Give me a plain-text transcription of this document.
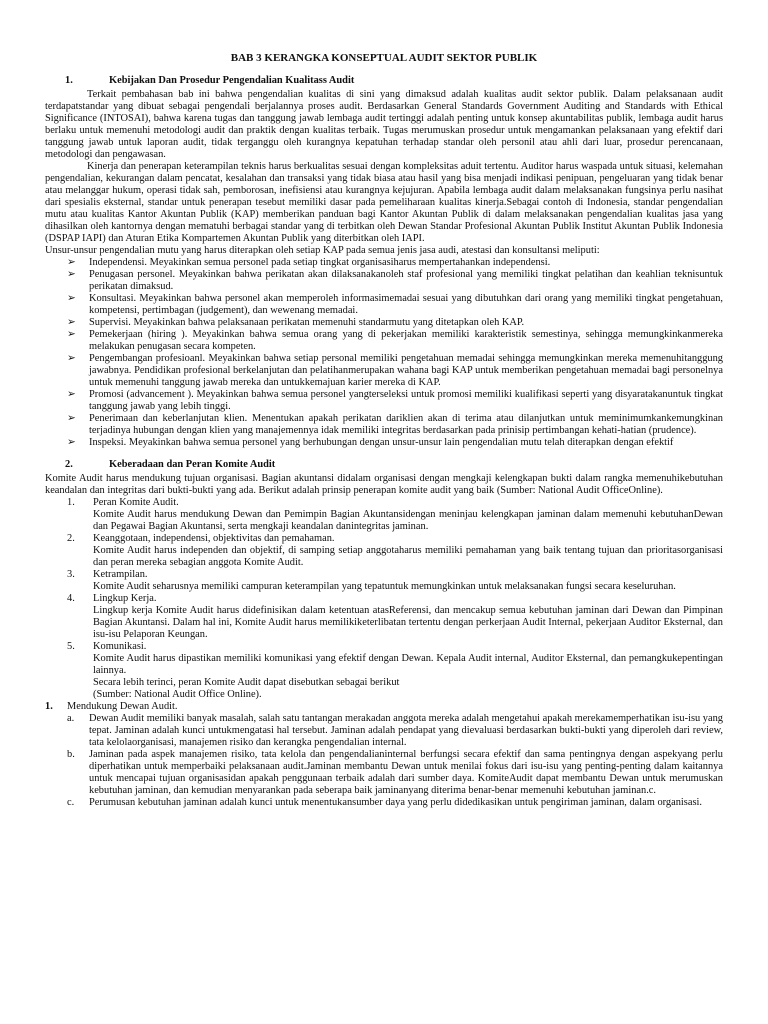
BAB 3 KERANGKA KONSEPTUAL AUDIT SEKTOR PUBLIK
1.	Kebijakan Dan Prosedur Pengendalian Kualitass Audit

Terkait pembahasan bab ini bahwa pengendalian kualitas di sini yang dimaksud adalah kualitas audit sektor publik. Dalam pelaksanaan audit terdapatstandar yang dibuat sebagai pengendali berjalannya proses audit. Berdasarkan General Standards Government Auditing and Standards with Ethical Significance (INTOSAI), bahwa karena tugas dan tanggung jawab lembaga audit tertinggi adalah penting untuk konsep akuntabilitas publik, lembaga audit harus berlaku untuk memenuhi metodologi audit dan praktik dengan kualitas terbaik. Tugas merumuskan prosedur untuk mengamankan pelaksanaan yang efektif dari tanggung jawab untuk laporan audit, tidak terganggu oleh kurangnya kepatuhan terhadap standar oleh personil atau ahli dari luar, prosedur perencanaan, metodologi dan pengawasan.

Kinerja dan penerapan keterampilan teknis harus berkualitas sesuai dengan kompleksitas aduit tertentu. Auditor harus waspada untuk situasi, kelemahan pengendalian, kekurangan dalam pencatat, kesalahan dan transaksi yang tidak biasa atau hasil yang bisa menjadi indikasi penipuan, pengeluaran yang tidak benar atau melanggar hukum, operasi tidak sah, pemborosan, inefisiensi atau kurangnya kejujuran. Apabila lembaga audit dalam melaksanakan fungsinya perlu nasihat dari spesialis eksternal, standar untuk penerapan tesebut memiliki dasar pada pemeliharaan kualitas kinerja.Sebagai contoh di Indonesia, standar pengendalian mutu atau kualitas Kantor Akuntan Publik (KAP) memberikan panduan bagi Kantor Akuntan Publik di dalam melaksanakan pengendalian kualitas jasa yang dihasilkan oleh kantornya dengan mematuhi berbagai standar yang di terbitkan oleh Dewan Standar Profesional Akuntan Publik Institut Akuntan Publik Indonesia (DSPAP IAPI) dan Aturan Etika Kompartemen Akuntan Publik yang diterbitkan oleh IAPI.

Unsur-unsur pengendalian mutu yang harus diterapkan oleh setiap KAP pada semua jenis jasa audi, atestasi dan konsultansi meliputi:

➢	Independensi. Meyakinkan semua personel pada setiap tingkat organisasiharus mempertahankan independensi.
➢	Penugasan personel. Meyakinkan bahwa perikatan akan dilaksanakanoleh staf profesional yang memiliki tingkat pelatihan dan keahlian teknisuntuk perikatan dimaksud.
➢	Konsultasi. Meyakinkan bahwa personel akan memperoleh informasimemadai sesuai yang dibutuhkan dari orang yang memiliki tingkat pengetahuan, kompetensi, pertimbagan (judgement), dan wewenang memadai.
➢	Supervisi. Meyakinkan bahwa pelaksanaan perikatan memenuhi standarmutu yang ditetapkan oleh KAP.
➢	Pemekerjaan (hiring ). Meyakinkan bahwa semua orang yang di pekerjakan memiliki karakteristik semestinya, sehingga memungkinkanmereka melakukan penugasan secara kompeten.
➢	Pengembangan profesioanl. Meyakinkan bahwa setiap personal memiliki pengetahuan memadai sehingga memungkinkan mereka memenuhitanggung jawabnya. Pendidikan profesional berkelanjutan dan pelatihanmerupakan wahana bagi KAP untuk memberikan pengetahuan memadai bagi personelnya untuk memenuhi tanggung jawab mereka dan untukkemajuan karier mereka di KAP.
➢	Promosi (advancement ). Meyakinkan bahwa semua personel yangterseleksi untuk promosi memiliki kualifikasi seperti yang disyaratakanuntuk tingkat tanggung jawab yang lebih tinggi.
➢	Penerimaan dan keberlanjutan klien. Menentukan apakah perikatan dariklien akan di terima atau dilanjutkan untuk meminimumkankemungkinan terjadinya hubungan dengan klien yang manajemennya idak memiliki integritas berdasarkan pada prinisip pertimbangan kehati-hatian (prudence).
➢	Inspeksi. Meyakinkan bahwa semua personel yang berhubungan dengan unsur-unsur lain pengendalian mutu telah diterapkan dengan efektif
2.	Keberadaan dan Peran Komite Audit

Komite Audit harus mendukung tujuan organisasi. Bagian akuntansi didalam organisasi dengan mengkaji kelengkapan bukti dalam rangka memenuhikebutuhan keandalan dan integritas dari bukti-bukti yang ada. Berikut adalah prinsip penerapan komite audit yang baik (Sumber: National Audit OfficeOnline).

1.	Peran Komite Audit.

Komite Audit harus mendukung Dewan dan Pemimpin Bagian Akuntansidengan meninjau kelengkapan jaminan dalam memenuhi kebutuhanDewan dan Pegawai Bagian Akuntansi, serta mengkaji keandalan danintegritas jaminan.

2.	Keanggotaan, independensi, objektivitas dan pemahaman.

Komite Audit harus independen dan objektif, di samping setiap anggotaharus memiliki pemahaman yang baik tentang tujuan dan prioritasorganisasi dan peran mereka sebagian anggota Komite Audit.

3.	Ketrampilan.

Komite Audit seharusnya memiliki campuran keterampilan yang tepatuntuk memungkinkan untuk melaksanakan fungsi secara keseluruhan.

4.	Lingkup Kerja.

Lingkup kerja Komite Audit harus didefinisikan dalam ketentuan atasReferensi, dan mencakup semua kebutuhan jaminan dari Dewan dan Pimpinan Bagian Akuntansi. Dalam hal ini, Komite Audit harus memilikiketerlibatan tertentu dengan perkerjaan Audit Internal, pekerjaan Auditor Eksternal, dan isu-isu Pelaporan Keungan.

5.	Komunikasi.

Komite Audit harus dipastikan memiliki komunikasi yang efektif dengan Dewan. Kepala Audit internal, Auditor Eksternal, dan pemangkukepentingan lainnya.

Secara lebih terinci, peran Komite Audit dapat disebutkan sebagai berikut

(Sumber: National Audit Office Online).

1.	Mendukung Dewan Audit.
a.	Dewan Audit memiliki banyak masalah, salah satu tantangan merakadan anggota mereka adalah mengetahui apakah merekamemperhatikan isu-isu yang tepat. Jaminan adalah kunci untukmengatasi hal tersebut. Jaminan adalah pendapat yang dievaluasi berdasarkan bukti-bukti yang diperoleh dari review, tata kelolaorganisasi, manajemen risiko dan kerangka pengendalian internal.
b.	Jaminan pada aspek manajemen risiko, tata kelola dan pengendalianinternal berfungsi secara efektif dan sama pentingnya dengan aspekyang perlu diperhatikan untuk memperbaiki pelaksanaan audit.Jaminan membantu Dewan untuk menilai fokus dari isu-isu yang penting-penting dalam kaitannya untuk mencapai tujuan organisasidan apakah penggunaan terbaik adalah dari sumber daya. KomiteAudit dapat membantu Dewan untuk merumuskan kebutuhan jaminan, dan kemudian menyarankan pada seberapa baik jaminanyang diterima benar-benar memenuhi kebutuhan jaminan.c.
c.	Perumusan kebutuhan jaminan adalah kunci untuk menentukansumber daya yang perlu didedikasikan untuk pengiriman jaminan, dalam organisasi.
